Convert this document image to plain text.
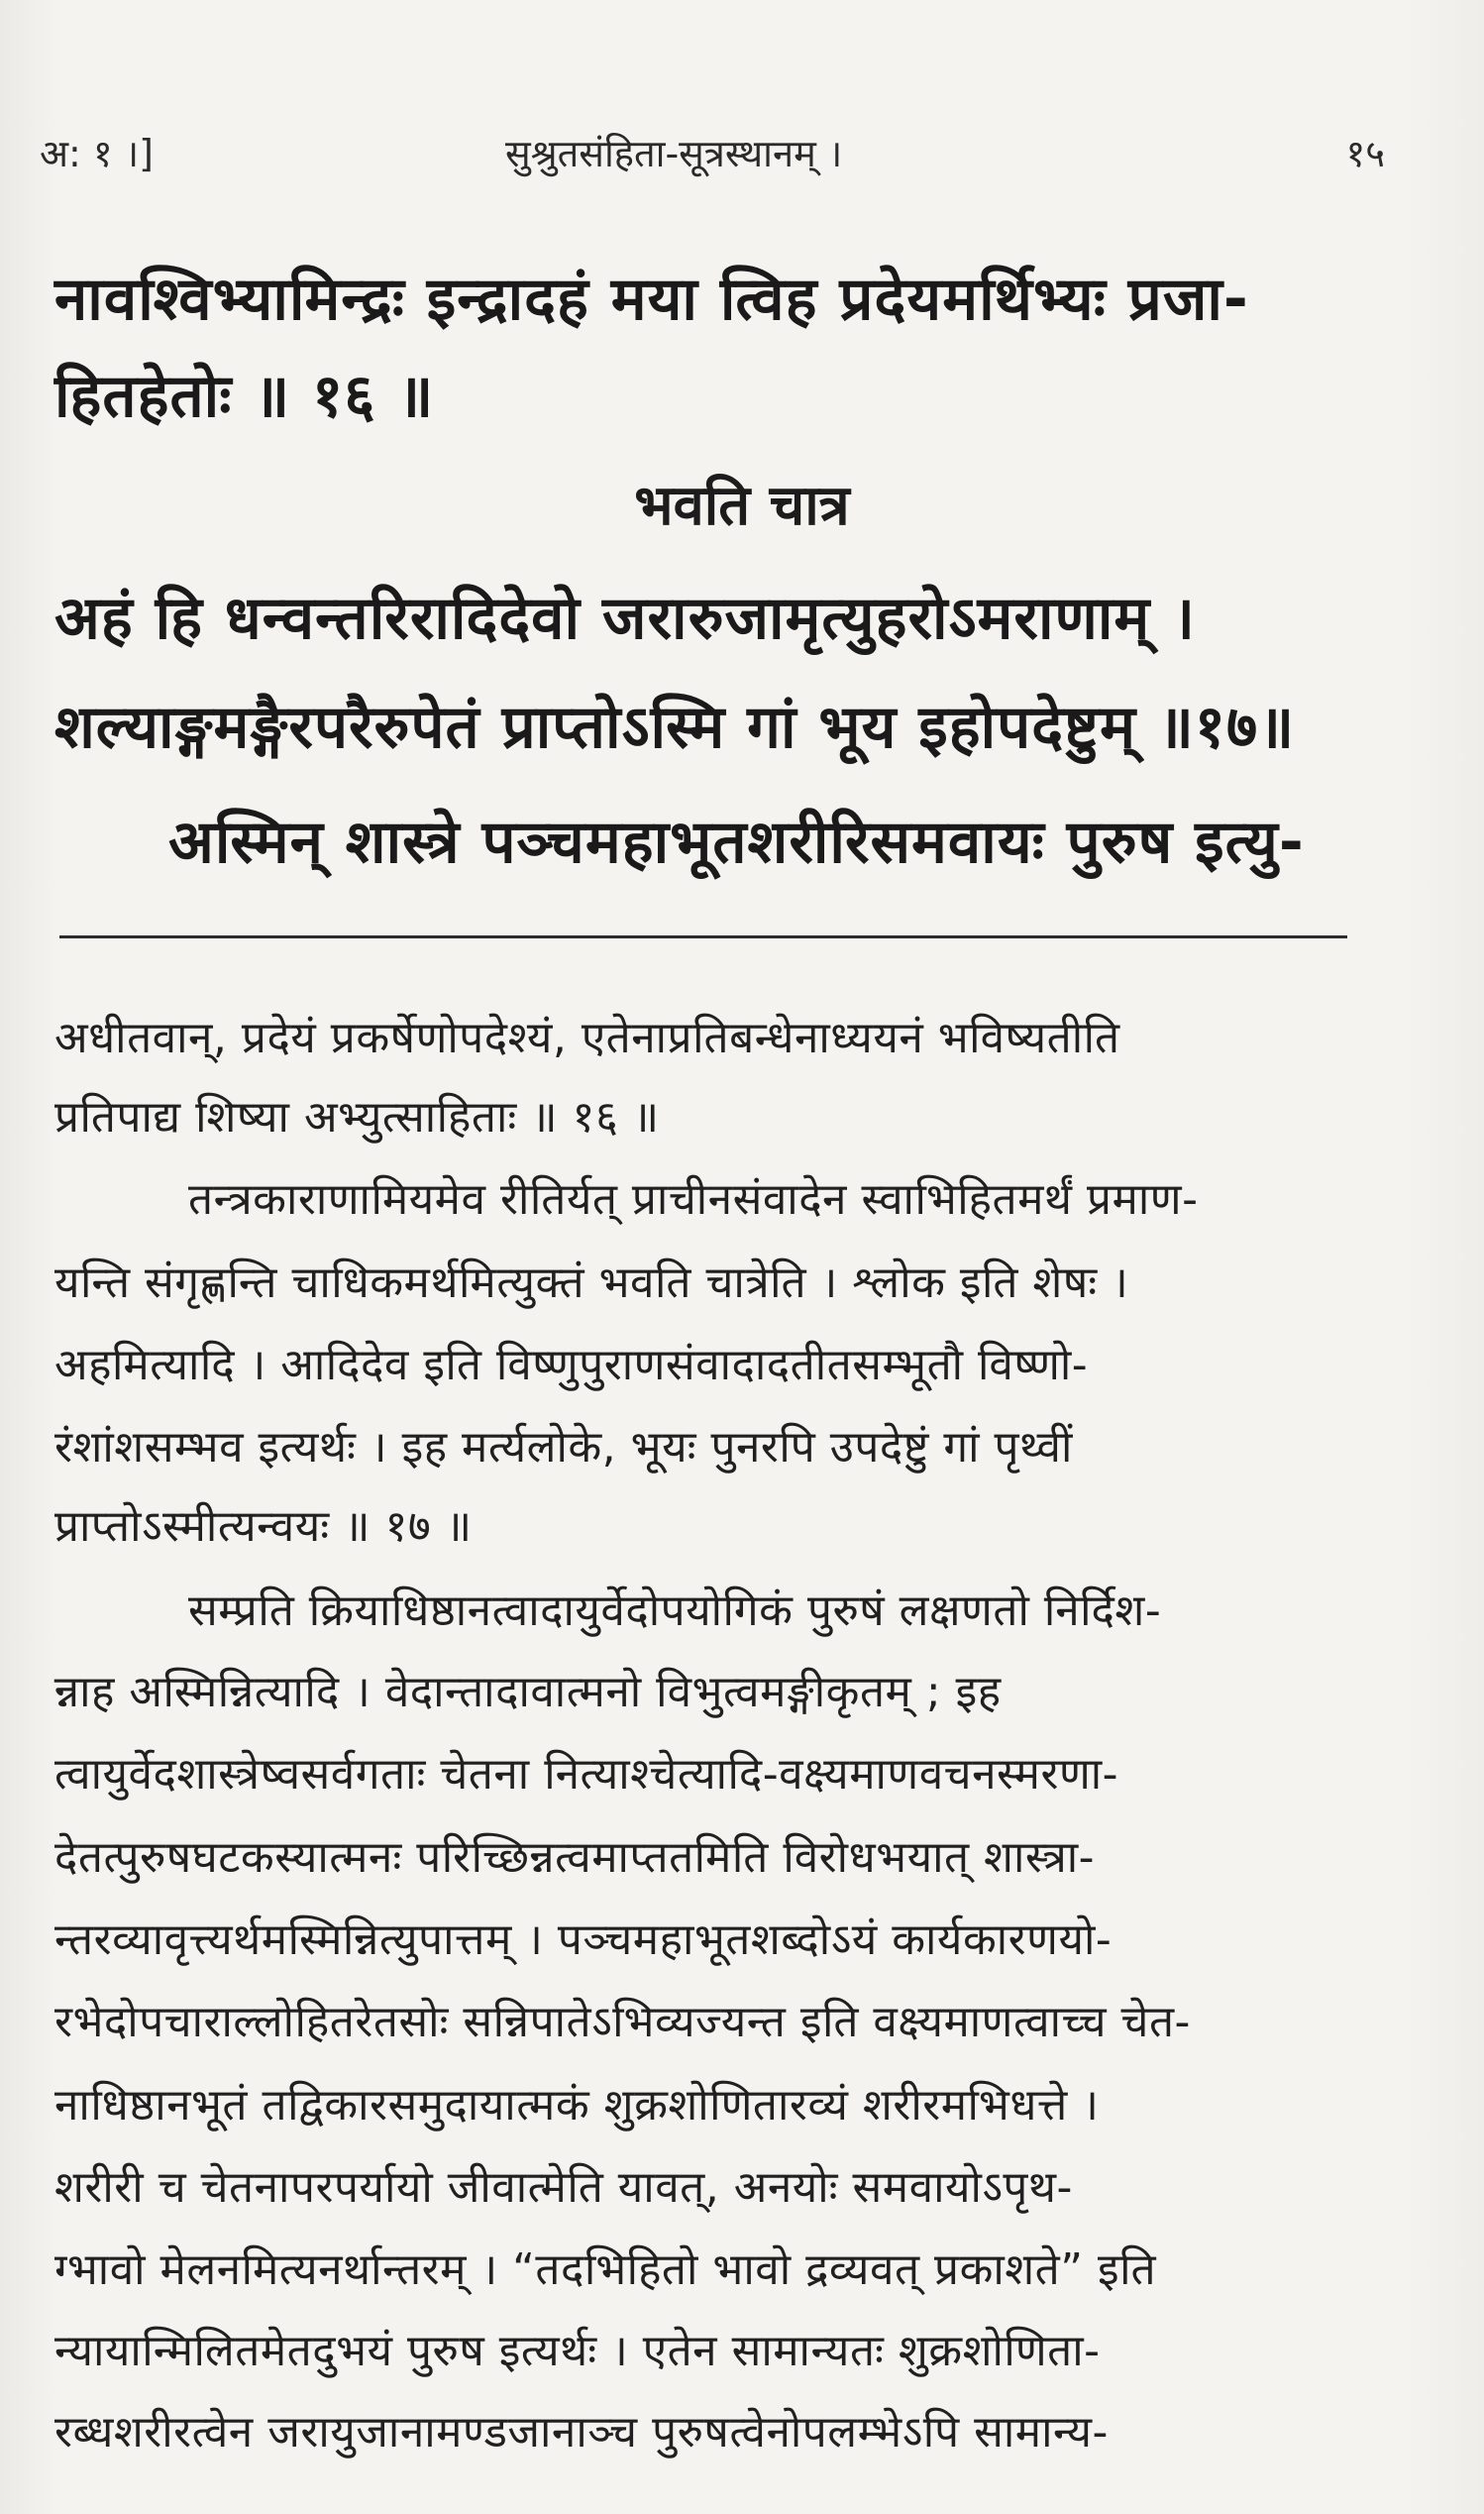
अ: १ ।]	सुश्रुतसंहिता-सूत्रस्थानम् ।	१५
नावश्विभ्यामिन्द्रः इन्द्रादहं मया त्विह प्रदेयमर्थिभ्यः प्रजा-
हितहेतोः ॥ १६ ॥
भवति चात्र
अहं हि धन्वन्तरिरादिदेवो जरारुजामृत्युहरोऽमराणाम् ।
शल्याङ्गमङ्गैरपरैरुपेतं प्राप्तोऽस्मि गां भूय इहोपदेष्टुम् ॥१७॥
अस्मिन् शास्त्रे पञ्चमहाभूतशरीरिसमवायः पुरुष इत्यु-
अधीतवान्, प्रदेयं प्रकर्षेणोपदेश्यं, एतेनाप्रतिबन्धेनाध्ययनं भविष्यतीति
प्रतिपाद्य शिष्या अभ्युत्साहिताः ॥ १६ ॥
तन्त्रकाराणामियमेव रीतिर्यत् प्राचीनसंवादेन स्वाभिहितमर्थं प्रमाण-
यन्ति संगृह्णन्ति चाधिकमर्थमित्युक्तं भवति चात्रेति । श्लोक इति शेषः ।
अहमित्यादि । आदिदेव इति विष्णुपुराणसंवादादतीतसम्भूतौ विष्णो-
रंशांशसम्भव इत्यर्थः । इह मर्त्यलोके, भूयः पुनरपि उपदेष्टुं गां पृथ्वीं
प्राप्तोऽस्मीत्यन्वयः ॥ १७ ॥
सम्प्रति क्रियाधिष्ठानत्वादायुर्वेदोपयोगिकं पुरुषं लक्षणतो निर्दिश-
न्नाह अस्मिन्नित्यादि । वेदान्तादावात्मनो विभुत्वमङ्गीकृतम् ; इह
त्वायुर्वेदशास्त्रेष्वसर्वगताः चेतना नित्याश्चेत्यादि-वक्ष्यमाणवचनस्मरणा-
देतत्पुरुषघटकस्यात्मनः परिच्छिन्नत्वमाप्ततमिति विरोधभयात् शास्त्रा-
न्तरव्यावृत्त्यर्थमस्मिन्नित्युपात्तम् । पञ्चमहाभूतशब्दोऽयं कार्यकारणयो-
रभेदोपचाराल्लोहितरेतसोः सन्निपातेऽभिव्यज्यन्त इति वक्ष्यमाणत्वाच्च चेत-
नाधिष्ठानभूतं तद्विकारसमुदायात्मकं शुक्रशोणितारव्यं शरीरमभिधत्ते ।
शरीरी च चेतनापरपर्यायो जीवात्मेति यावत्, अनयोः समवायोऽपृथ-
ग्भावो मेलनमित्यनर्थान्तरम् । “तदभिहितो भावो द्रव्यवत् प्रकाशते” इति
न्यायान्मिलितमेतदुभयं पुरुष इत्यर्थः । एतेन सामान्यतः शुक्रशोणिता-
रब्धशरीरत्वेन जरायुजानामण्डजानाञ्च पुरुषत्वेनोपलम्भेऽपि सामान्य-
